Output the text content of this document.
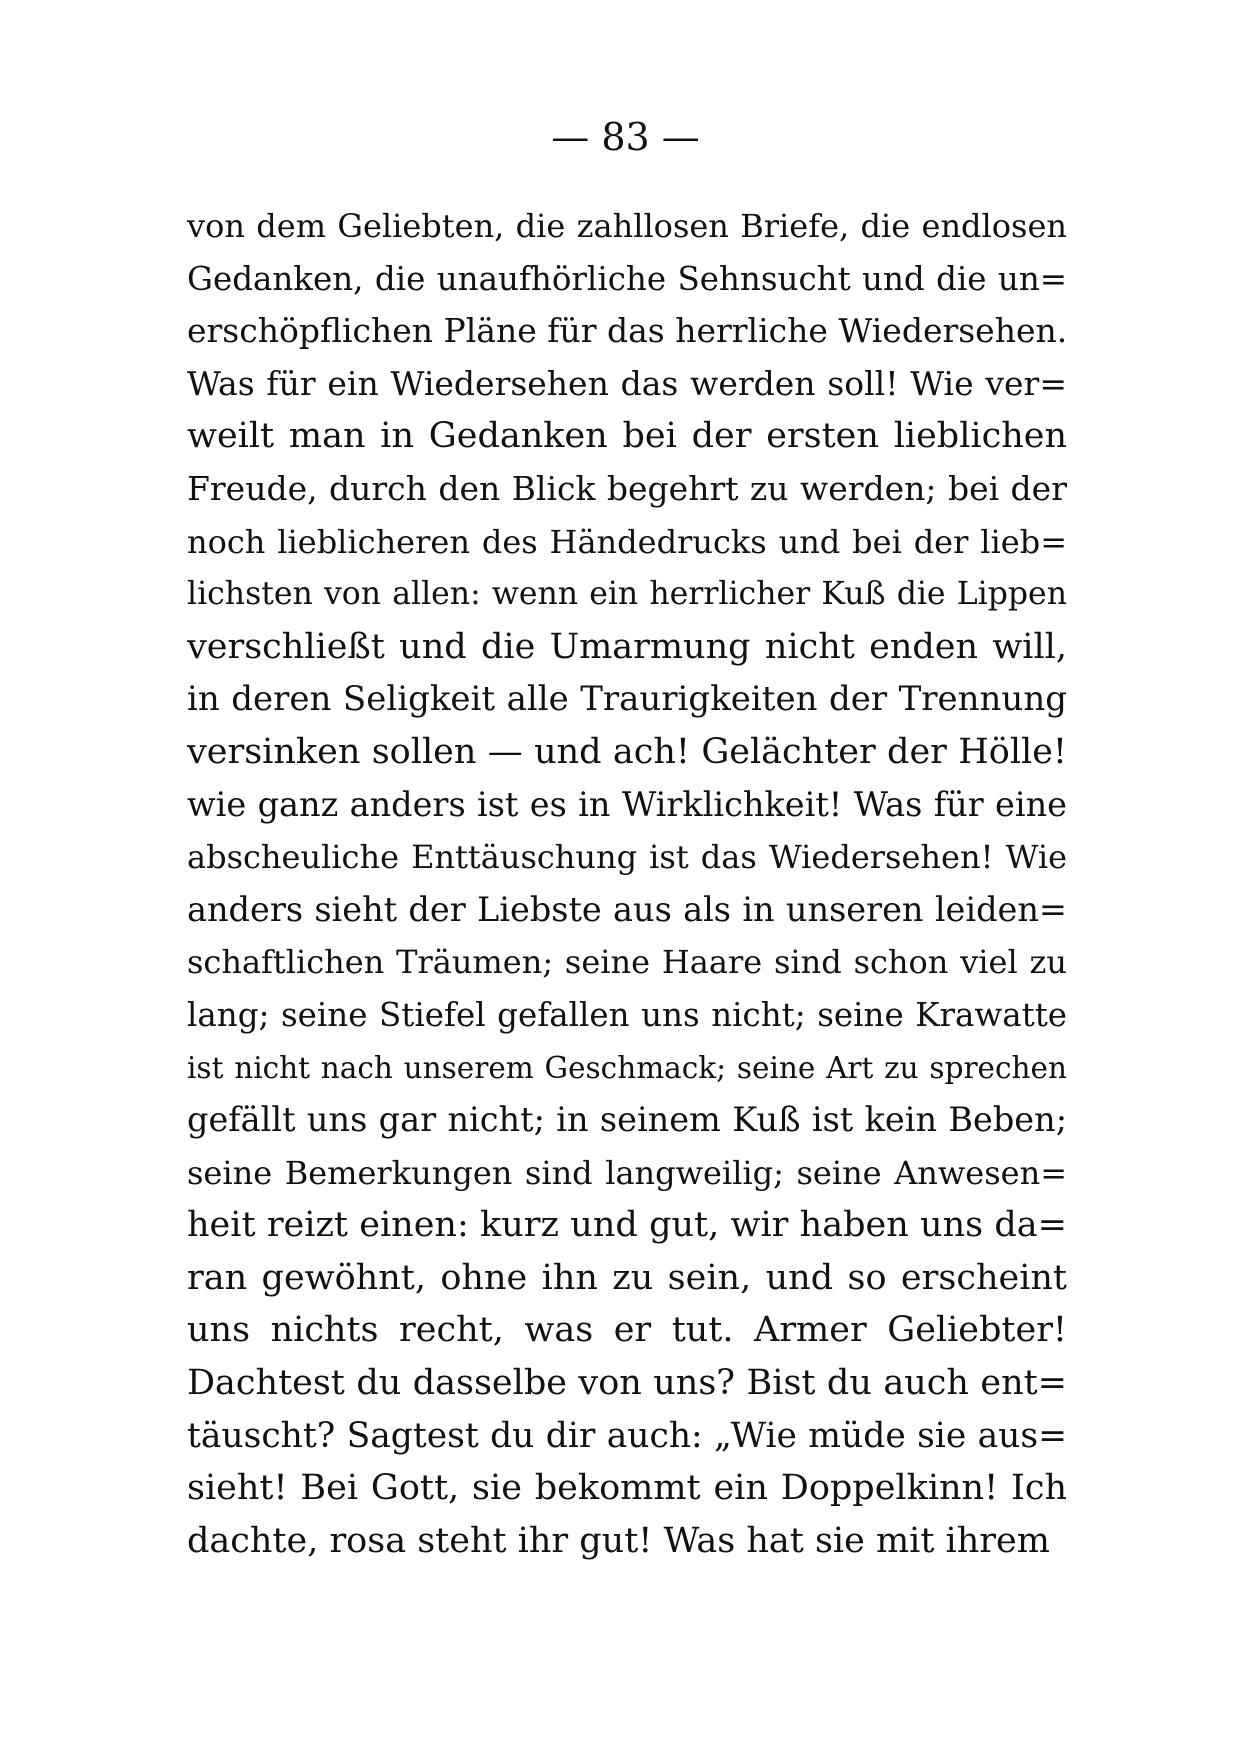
— 83 —
von dem Geliebten, die zahllosen Briefe, die endlosen
Gedanken, die unaufhörliche Sehnsucht und die un=
erschöpflichen Pläne für das herrliche Wiedersehen.
Was für ein Wiedersehen das werden soll! Wie ver=
weilt man in Gedanken bei der ersten lieblichen
Freude, durch den Blick begehrt zu werden; bei der
noch lieblicheren des Händedrucks und bei der lieb=
lichsten von allen: wenn ein herrlicher Kuß die Lippen
verschließt und die Umarmung nicht enden will,
in deren Seligkeit alle Traurigkeiten der Trennung
versinken sollen — und ach! Gelächter der Hölle!
wie ganz anders ist es in Wirklichkeit! Was für eine
abscheuliche Enttäuschung ist das Wiedersehen! Wie
anders sieht der Liebste aus als in unseren leiden=
schaftlichen Träumen; seine Haare sind schon viel zu
lang; seine Stiefel gefallen uns nicht; seine Krawatte
ist nicht nach unserem Geschmack; seine Art zu sprechen
gefällt uns gar nicht; in seinem Kuß ist kein Beben;
seine Bemerkungen sind langweilig; seine Anwesen=
heit reizt einen: kurz und gut, wir haben uns da=
ran gewöhnt, ohne ihn zu sein, und so erscheint
uns nichts recht, was er tut. Armer Geliebter!
Dachtest du dasselbe von uns? Bist du auch ent=
täuscht? Sagtest du dir auch: „Wie müde sie aus=
sieht! Bei Gott, sie bekommt ein Doppelkinn! Ich
dachte, rosa steht ihr gut! Was hat sie mit ihrem
